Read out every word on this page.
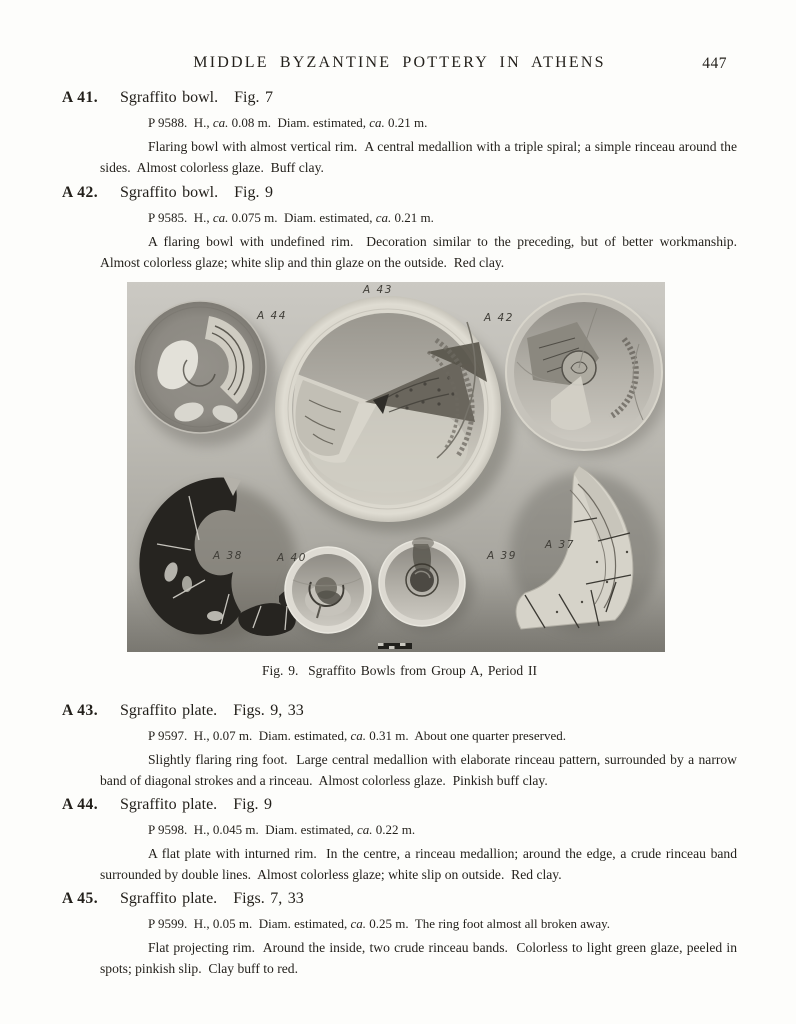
MIDDLE BYZANTINE POTTERY IN ATHENS	447
A 41. Sgraffito bowl. Fig. 7
P 9588.  H., ca. 0.08 m.  Diam. estimated, ca. 0.21 m.

Flaring bowl with almost vertical rim.  A central medallion with a triple spiral; a simple rinceau around the sides.  Almost colorless glaze.  Buff clay.

A 42. Sgraffito bowl. Fig. 9
P 9585.  H., ca. 0.075 m.  Diam. estimated, ca. 0.21 m.

A flaring bowl with undefined rim.  Decoration similar to the preceding, but of better workmanship.  Almost colorless glaze; white slip and thin glaze on the outside.  Red clay.

A 43
A 44	A 42
A 38	A 40	A 39
A 37
Fig. 9.  Sgraffito Bowls from Group A, Period II
A 43. Sgraffito plate. Figs. 9, 33
P 9597.  H., 0.07 m.  Diam. estimated, ca. 0.31 m.  About one quarter preserved.

Slightly flaring ring foot.  Large central medallion with elaborate rinceau pattern, surrounded by a narrow band of diagonal strokes and a rinceau.  Almost colorless glaze.  Pinkish buff clay.

A 44. Sgraffito plate. Fig. 9
P 9598.  H., 0.045 m.  Diam. estimated, ca. 0.22 m.

A flat plate with inturned rim.  In the centre, a rinceau medallion; around the edge, a crude rinceau band surrounded by double lines.  Almost colorless glaze; white slip on outside.  Red clay.

A 45. Sgraffito plate. Figs. 7, 33
P 9599.  H., 0.05 m.  Diam. estimated, ca. 0.25 m.  The ring foot almost all broken away.

Flat projecting rim.  Around the inside, two crude rinceau bands.  Colorless to light green glaze, peeled in spots; pinkish slip.  Clay buff to red.
